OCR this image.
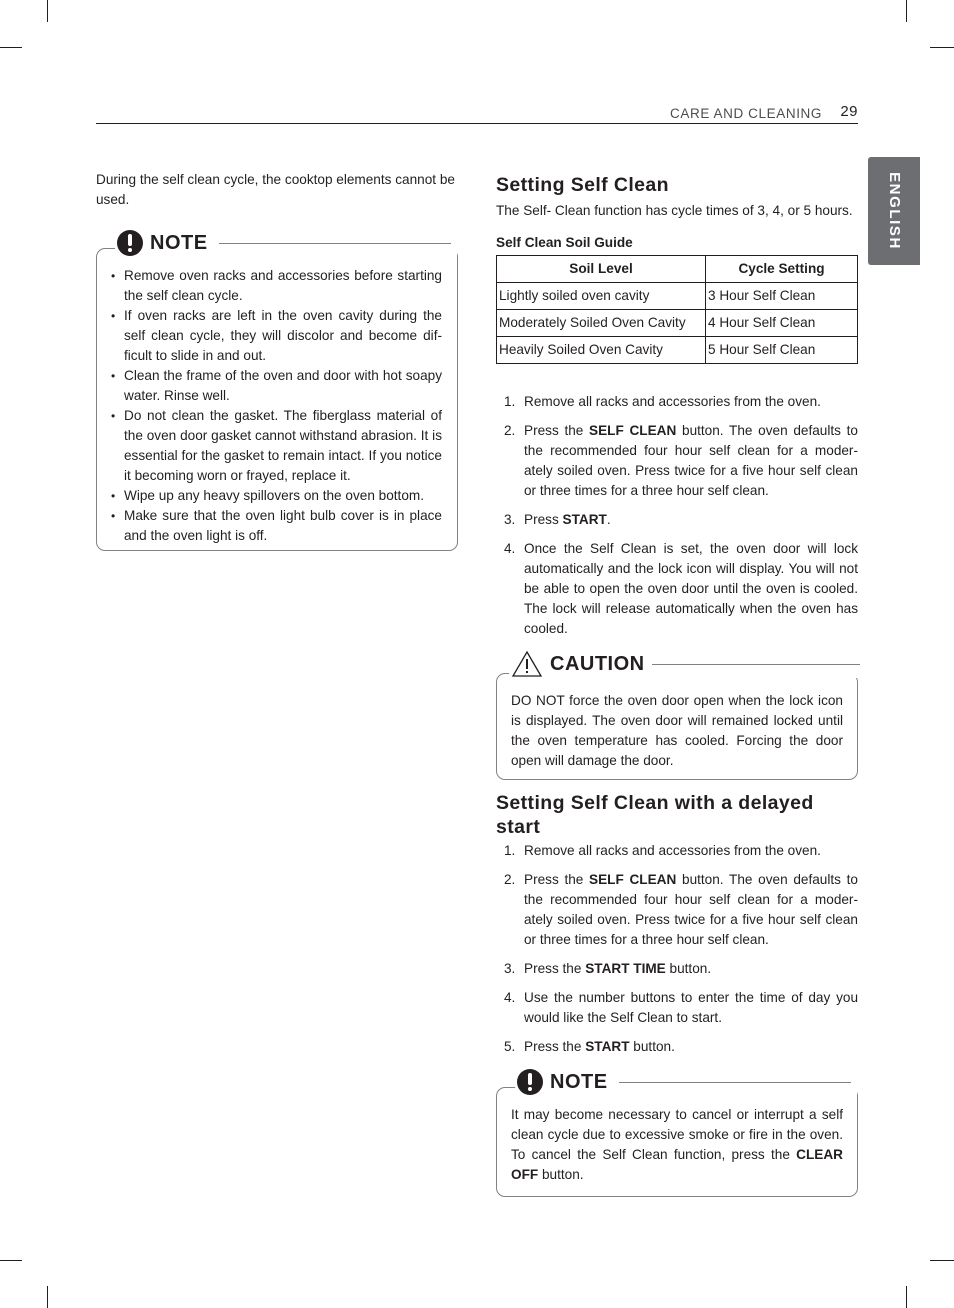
CARE AND CLEANING 29
ENGLISH

During the self clean cycle, the cooktop elements cannot be used.

NOTE
• Remove oven racks and accessories before starting the self clean cycle.
• If oven racks are left in the oven cavity during the self clean cycle, they will discolor and become dif-ficult to slide in and out.
• Clean the frame of the oven and door with hot soapy water. Rinse well.
• Do not clean the gasket. The fiberglass material of the oven door gasket cannot withstand abrasion. It is essential for the gasket to remain intact. If you notice it becoming worn or frayed, replace it.
• Wipe up any heavy spillovers on the oven bottom.
• Make sure that the oven light bulb cover is in place and the oven light is off.
Setting Self Clean

The Self- Clean function has cycle times of 3, 4, or 5 hours.

Self Clean Soil Guide

Soil Level	Cycle Setting
Lightly soiled oven cavity	3 Hour Self Clean
Moderately Soiled Oven Cavity	4 Hour Self Clean
Heavily Soiled Oven Cavity	5 Hour Self Clean
1. Remove all racks and accessories from the oven.
2. Press the SELF CLEAN button. The oven defaults to the recommended four hour self clean for a moder-ately soiled oven. Press twice for a five hour self clean or three times for a three hour self clean.
3. Press START.
4. Once the Self Clean is set, the oven door will lock automatically and the lock icon will display. You will not be able to open the oven door until the oven is cooled. The lock will release automatically when the oven has cooled.
CAUTION

DO NOT force the oven door open when the lock icon is displayed. The oven door will remained locked until the oven temperature has cooled. Forcing the door open will damage the door.

Setting Self Clean with a delayed start
1. Remove all racks and accessories from the oven.
2. Press the SELF CLEAN button. The oven defaults to the recommended four hour self clean for a moder-ately soiled oven. Press twice for a five hour self clean or three times for a three hour self clean.
3. Press the START TIME button.
4. Use the number buttons to enter the time of day you would like the Self Clean to start.
5. Press the START button.
NOTE

It may become necessary to cancel or interrupt a self clean cycle due to excessive smoke or fire in the oven. To cancel the Self Clean function, press the CLEAR OFF button.
